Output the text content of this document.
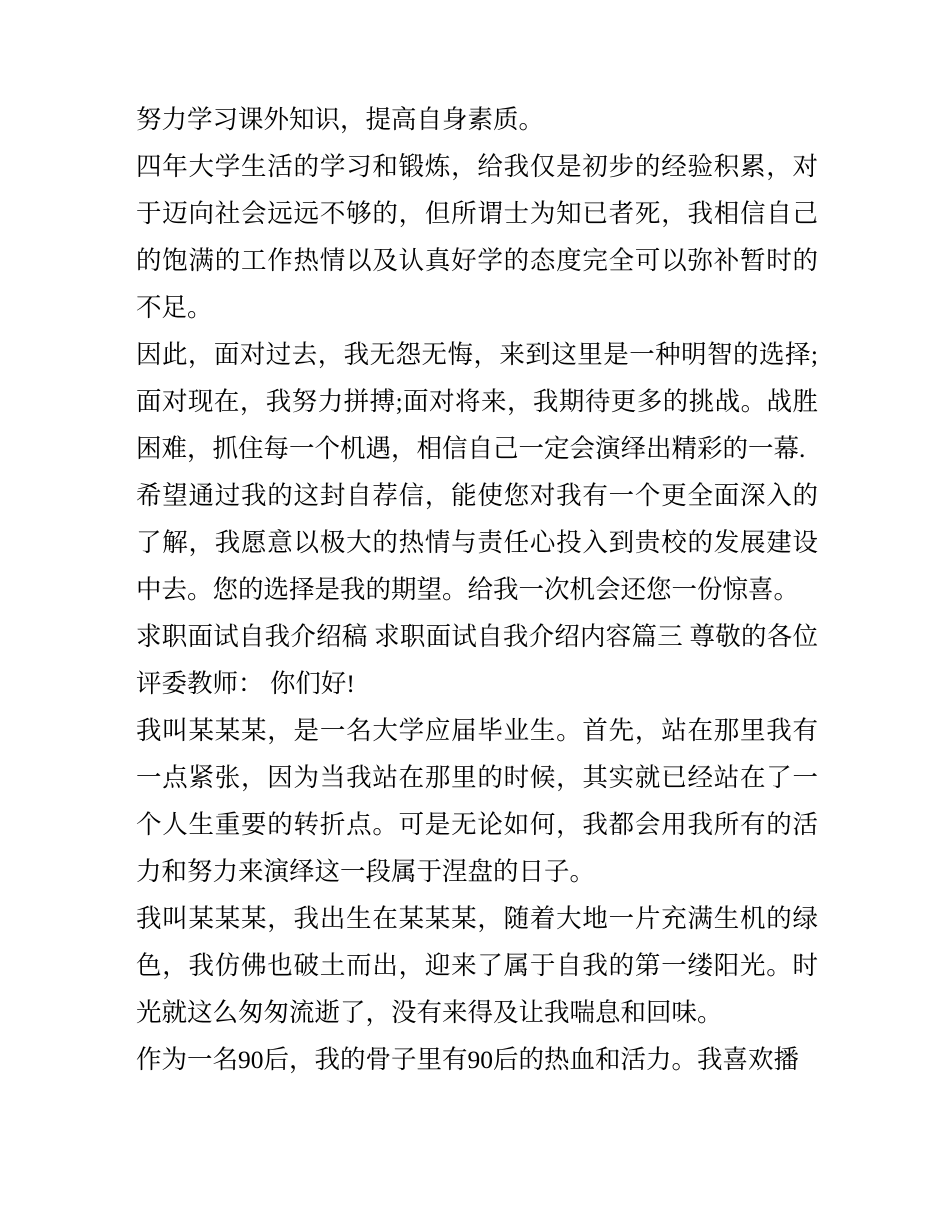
努力学习课外知识，提高自身素质。

四年大学生活的学习和锻炼，给我仅是初步的经验积累，对于迈向社会远远不够的，但所谓士为知已者死，我相信自己的饱满的工作热情以及认真好学的态度完全可以弥补暂时的不足。

因此，面对过去，我无怨无悔，来到这里是一种明智的选择;面对现在，我努力拼搏;面对将来，我期待更多的挑战。战胜困难，抓住每一个机遇，相信自己一定会演绎出精彩的一幕.

希望通过我的这封自荐信，能使您对我有一个更全面深入的了解，我愿意以极大的热情与责任心投入到贵校的发展建设中去。您的选择是我的期望。给我一次机会还您一份惊喜。

求职面试自我介绍稿 求职面试自我介绍内容篇三 尊敬的各位评委教师： 你们好!

我叫某某某，是一名大学应届毕业生。首先，站在那里我有一点紧张，因为当我站在那里的时候，其实就已经站在了一个人生重要的转折点。可是无论如何，我都会用我所有的活力和努力来演绎这一段属于涅盘的日子。

我叫某某某，我出生在某某某，随着大地一片充满生机的绿色，我仿佛也破土而出，迎来了属于自我的第一缕阳光。时光就这么匆匆流逝了，没有来得及让我喘息和回味。

作为一名90后，我的骨子里有90后的热血和活力。我喜欢播
